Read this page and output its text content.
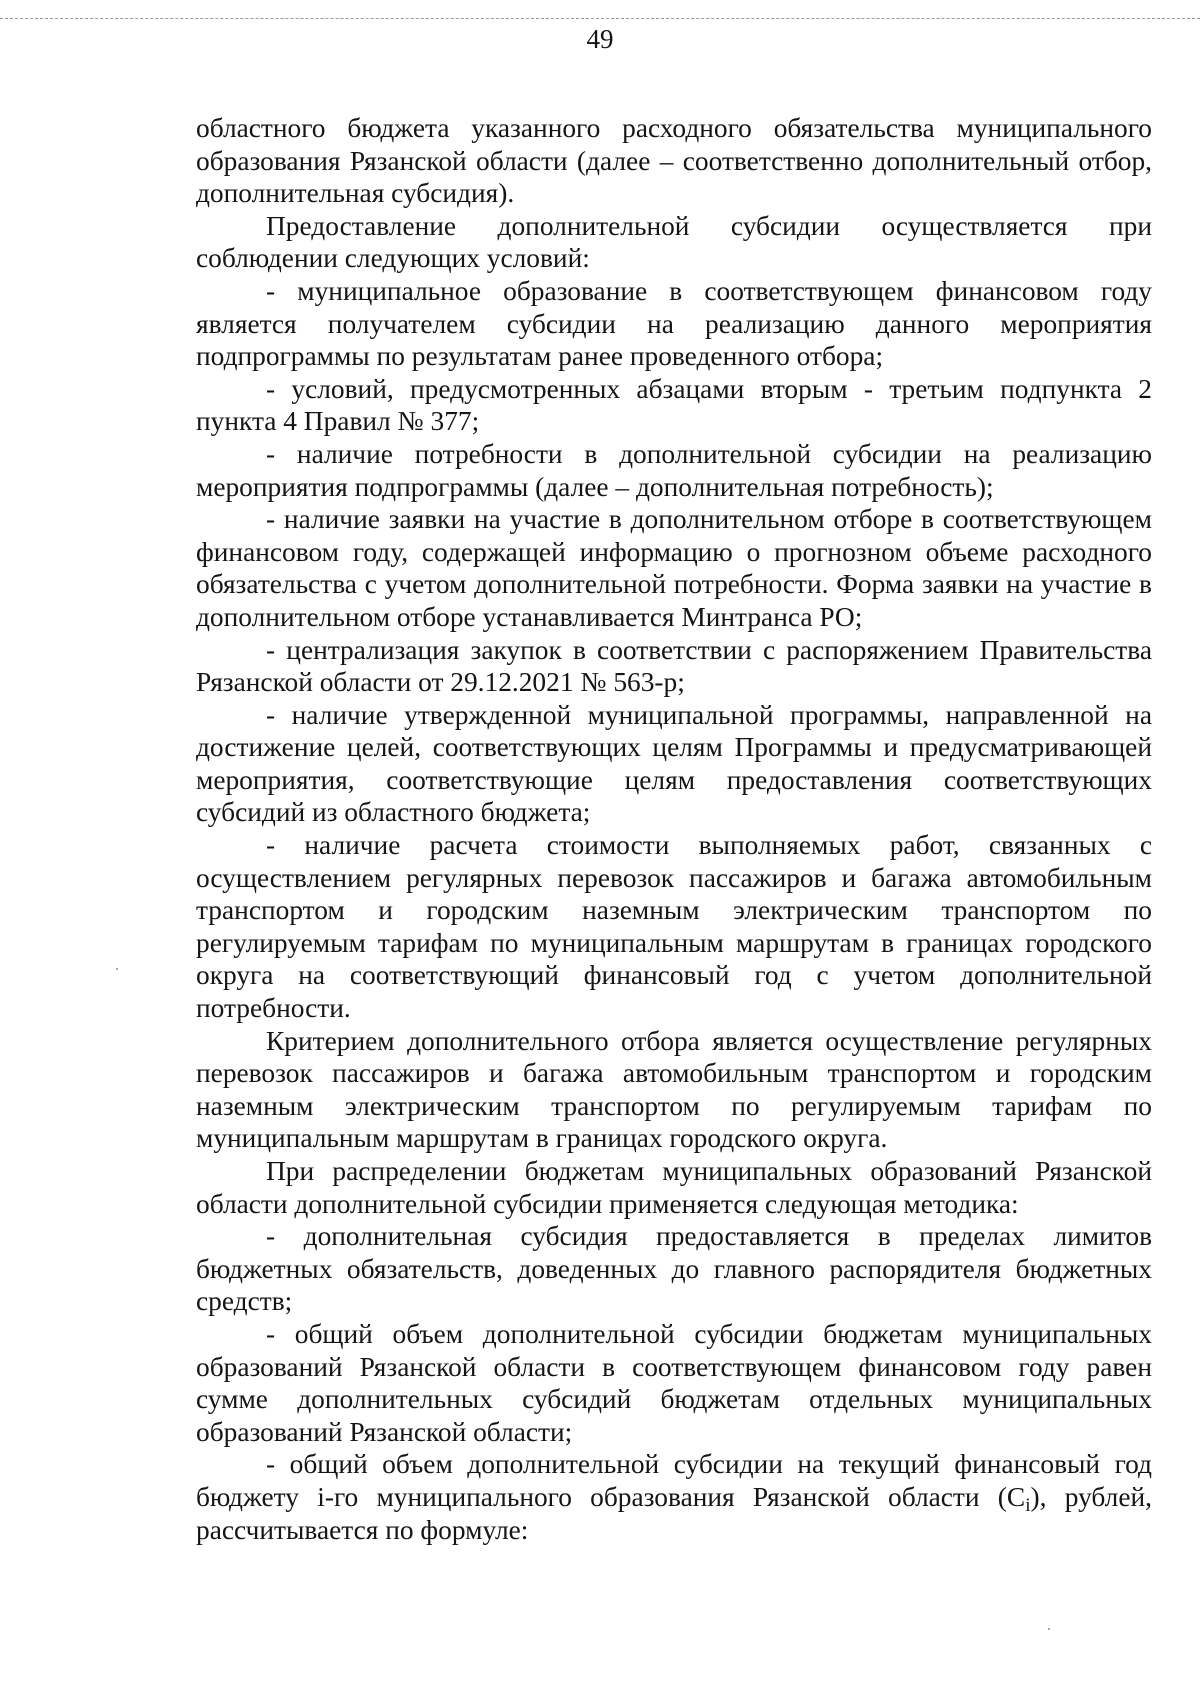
49

областного бюджета указанного расходного обязательства муниципального образования Рязанской области (далее – соответственно дополнительный отбор, дополнительная субсидия).

Предоставление дополнительной субсидии осуществляется при соблюдении следующих условий:

- муниципальное образование в соответствующем финансовом году является получателем субсидии на реализацию данного мероприятия подпрограммы по результатам ранее проведенного отбора;

- условий, предусмотренных абзацами вторым - третьим подпункта 2 пункта 4 Правил № 377;

- наличие потребности в дополнительной субсидии на реализацию мероприятия подпрограммы (далее – дополнительная потребность);

- наличие заявки на участие в дополнительном отборе в соответствующем финансовом году, содержащей информацию о прогнозном объеме расходного обязательства с учетом дополнительной потребности. Форма заявки на участие в дополнительном отборе устанавливается Минтранса РО;

- централизация закупок в соответствии с распоряжением Правительства Рязанской области от 29.12.2021 № 563-р;

- наличие утвержденной муниципальной программы, направленной на достижение целей, соответствующих целям Программы и предусматривающей мероприятия, соответствующие целям предоставления соответствующих субсидий из областного бюджета;

- наличие расчета стоимости выполняемых работ, связанных с осуществлением регулярных перевозок пассажиров и багажа автомобильным транспортом и городским наземным электрическим транспортом по регулируемым тарифам по муниципальным маршрутам в границах городского округа на соответствующий финансовый год с учетом дополнительной потребности.

Критерием дополнительного отбора является осуществление регулярных перевозок пассажиров и багажа автомобильным транспортом и городским наземным электрическим транспортом по регулируемым тарифам по муниципальным маршрутам в границах городского округа.

При распределении бюджетам муниципальных образований Рязанской области дополнительной субсидии применяется следующая методика:

- дополнительная субсидия предоставляется в пределах лимитов бюджетных обязательств, доведенных до главного распорядителя бюджетных средств;

- общий объем дополнительной субсидии бюджетам муниципальных образований Рязанской области в соответствующем финансовом году равен сумме дополнительных субсидий бюджетам отдельных муниципальных образований Рязанской области;

- общий объем дополнительной субсидии на текущий финансовый год бюджету i-го муниципального образования Рязанской области $(C_i)$, рублей, рассчитывается по формуле:
